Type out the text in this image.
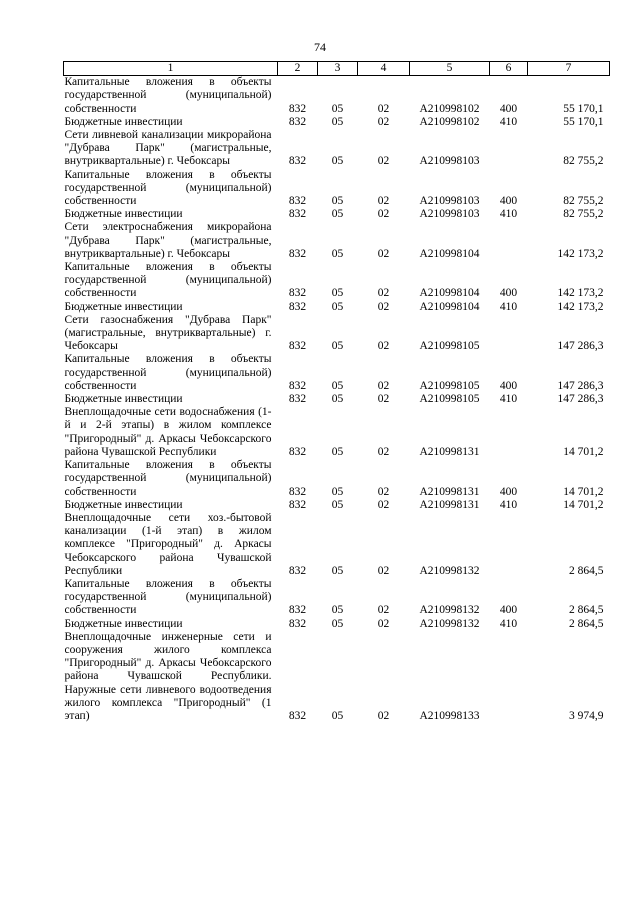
74
1	2	3	4	5	6	7
Капитальные вложения в объекты государственной (муниципальной) собственности	832	05	02	А210998102	400	55 170,1
Бюджетные инвестиции	832	05	02	А210998102	410	55 170,1
Сети ливневой канализации микрорайона "Дубрава Парк" (магистральные, внутриквартальные) г. Чебоксары	832	05	02	А210998103		82 755,2
Капитальные вложения в объекты государственной (муниципальной) собственности	832	05	02	А210998103	400	82 755,2
Бюджетные инвестиции	832	05	02	А210998103	410	82 755,2
Сети электроснабжения микрорайона "Дубрава Парк" (магистральные, внутриквартальные) г. Чебоксары	832	05	02	А210998104		142 173,2
Капитальные вложения в объекты государственной (муниципальной) собственности	832	05	02	А210998104	400	142 173,2
Бюджетные инвестиции	832	05	02	А210998104	410	142 173,2
Сети газоснабжения "Дубрава Парк" (магистральные, внутриквартальные) г. Чебоксары	832	05	02	А210998105		147 286,3
Капитальные вложения в объекты государственной (муниципальной) собственности	832	05	02	А210998105	400	147 286,3
Бюджетные инвестиции	832	05	02	А210998105	410	147 286,3
Внеплощадочные сети водоснабжения (1-й и 2-й этапы) в жилом комплексе "Пригородный" д. Аркасы Чебоксарского района Чувашской Республики	832	05	02	А210998131		14 701,2
Капитальные вложения в объекты государственной (муниципальной) собственности	832	05	02	А210998131	400	14 701,2
Бюджетные инвестиции	832	05	02	А210998131	410	14 701,2
Внеплощадочные сети хоз.-бытовой канализации (1-й этап) в жилом комплексе "Пригородный" д. Аркасы Чебоксарского района Чувашской Республики	832	05	02	А210998132		2 864,5
Капитальные вложения в объекты государственной (муниципальной) собственности	832	05	02	А210998132	400	2 864,5
Бюджетные инвестиции	832	05	02	А210998132	410	2 864,5
Внеплощадочные инженерные сети и сооружения жилого комплекса "Пригородный" д. Аркасы Чебоксарского района Чувашской Республики. Наружные сети ливневого водоотведения жилого комплекса "Пригородный" (1 этап)	832	05	02	А210998133		3 974,9
